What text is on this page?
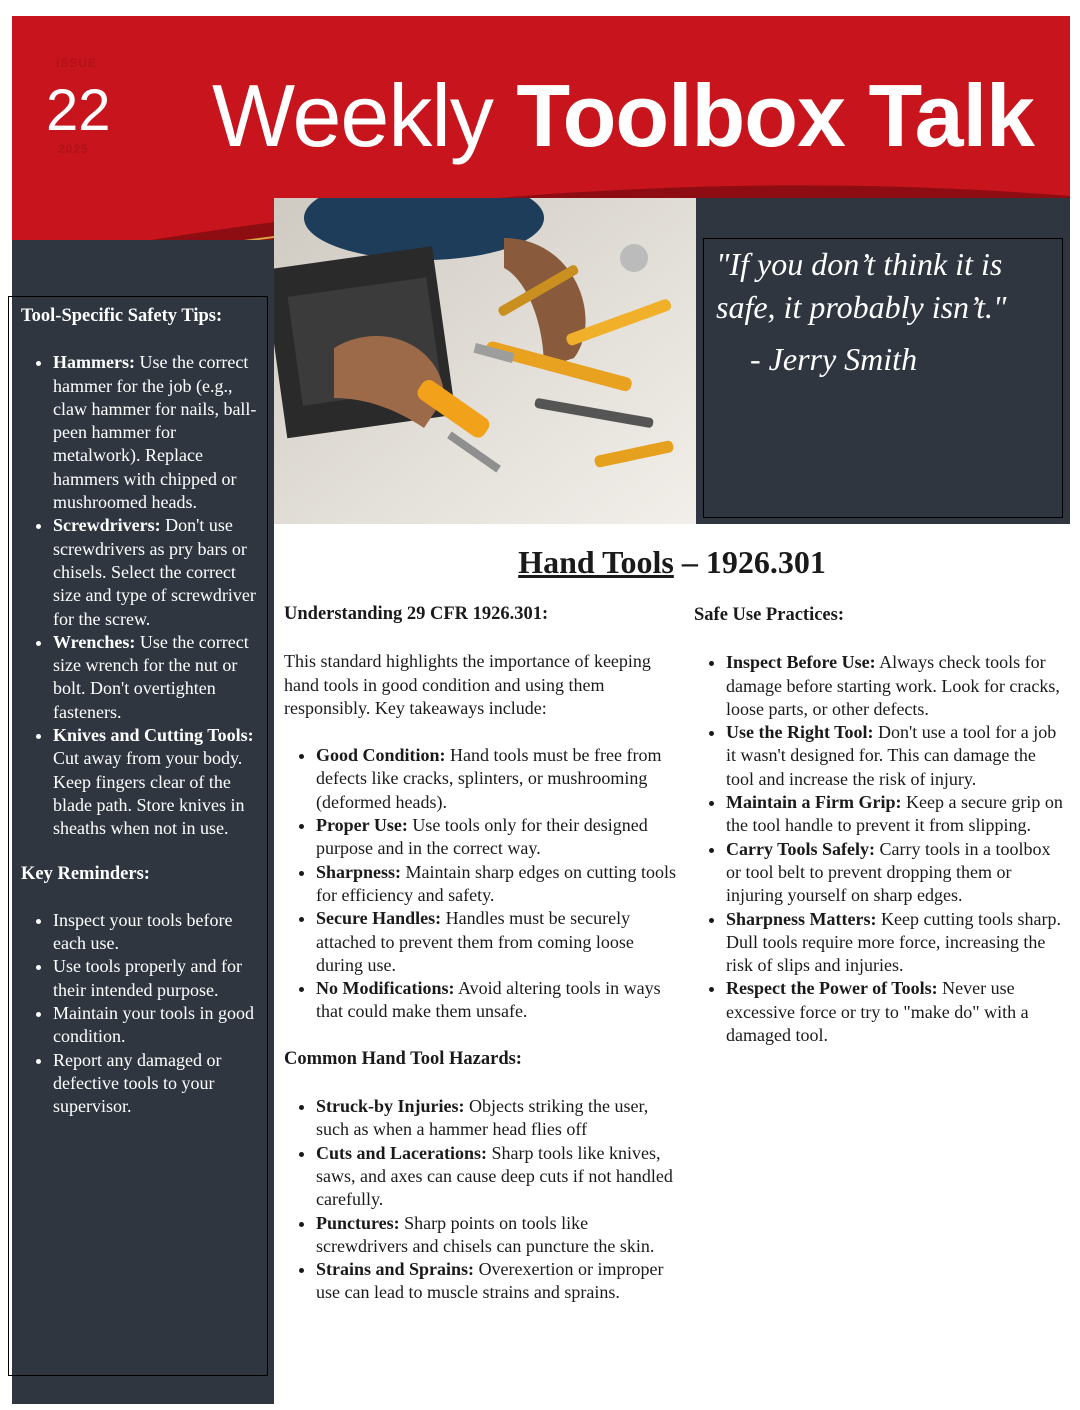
ISSUE
22
2025 Weekly Toolbox Talk
Tool-Specific Safety Tips:
• Hammers: Use the correct hammer for the job (e.g., claw hammer for nails, ball-peen hammer for metalwork). Replace hammers with chipped or mushroomed heads.
• Screwdrivers: Don't use screwdrivers as pry bars or chisels. Select the correct size and type of screwdriver for the screw.
• Wrenches: Use the correct size wrench for the nut or bolt. Don't overtighten fasteners.
• Knives and Cutting Tools: Cut away from your body. Keep fingers clear of the blade path. Store knives in sheaths when not in use.
Key Reminders:
• Inspect your tools before each use.
• Use tools properly and for their intended purpose.
• Maintain your tools in good condition.
• Report any damaged or defective tools to your supervisor.
"If you don’t think it is safe, it probably isn’t."
- Jerry Smith
Hand Tools – 1926.301
Understanding 29 CFR 1926.301:

This standard highlights the importance of keeping hand tools in good condition and using them responsibly. Key takeaways include:

• Good Condition: Hand tools must be free from defects like cracks, splinters, or mushrooming (deformed heads).
• Proper Use: Use tools only for their designed purpose and in the correct way.
• Sharpness: Maintain sharp edges on cutting tools for efficiency and safety.
• Secure Handles: Handles must be securely attached to prevent them from coming loose during use.
• No Modifications: Avoid altering tools in ways that could make them unsafe.
Common Hand Tool Hazards:
• Struck-by Injuries: Objects striking the user, such as when a hammer head flies off
• Cuts and Lacerations: Sharp tools like knives, saws, and axes can cause deep cuts if not handled carefully.
• Punctures: Sharp points on tools like screwdrivers and chisels can puncture the skin.
• Strains and Sprains: Overexertion or improper use can lead to muscle strains and sprains.
Safe Use Practices:
• Inspect Before Use: Always check tools for damage before starting work. Look for cracks, loose parts, or other defects.
• Use the Right Tool: Don't use a tool for a job it wasn't designed for. This can damage the tool and increase the risk of injury.
• Maintain a Firm Grip: Keep a secure grip on the tool handle to prevent it from slipping.
• Carry Tools Safely: Carry tools in a toolbox or tool belt to prevent dropping them or injuring yourself on sharp edges.
• Sharpness Matters: Keep cutting tools sharp. Dull tools require more force, increasing the risk of slips and injuries.
• Respect the Power of Tools: Never use excessive force or try to "make do" with a damaged tool.
